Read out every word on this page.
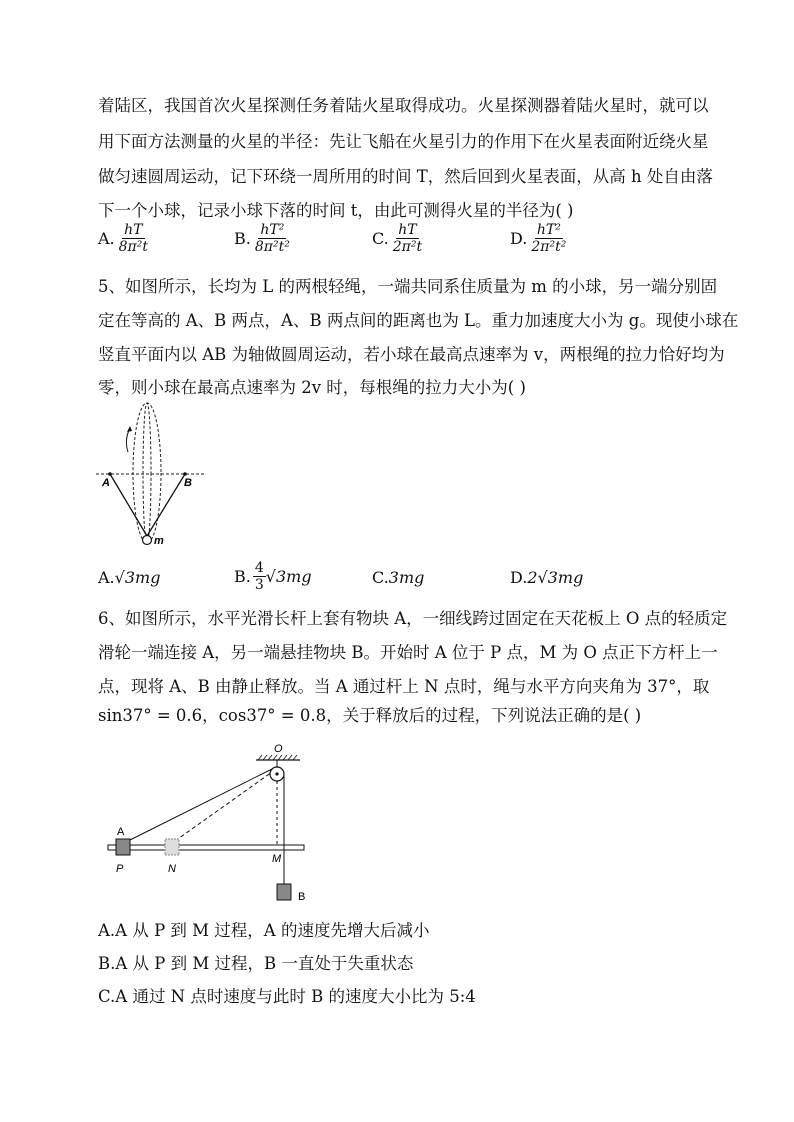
着陆区，我国首次火星探测任务着陆火星取得成功。火星探测器着陆火星时，就可以
用下面方法测量的火星的半径：先让飞船在火星引力的作用下在火星表面附近绕火星
做匀速圆周运动，记下环绕一周所用的时间 T，然后回到火星表面，从高 h 处自由落
下一个小球，记录小球下落的时间 t，由此可测得火星的半径为( )
A. $\frac{hT}{\text{8π²t}}$	B. $\frac{\text{hT²}}{\text{8π²t²}}$	C. $\frac{hT}{\text{2π²t}}$	D. $\frac{\text{hT²}}{\text{2π²t²}}$
5、如图所示，长均为 L 的两根轻绳，一端共同系住质量为 m 的小球，另一端分别固
定在等高的 A、B 两点，A、B 两点间的距离也为 L。重力加速度大小为 g。现使小球在
竖直平面内以 AB 为轴做圆周运动，若小球在最高点速率为 v，两根绳的拉力恰好均为
零，则小球在最高点速率为 2v 时，每根绳的拉力大小为( )
A	B
m
A. √3mg	B. $\frac{4}{3} √3mg$	C. 3mg	D. 2√3mg
6、如图所示，水平光滑长杆上套有物块 A，一细线跨过固定在天花板上 O 点的轻质定
滑轮一端连接 A，另一端悬挂物块 B。开始时 A 位于 P 点，M 为 O 点正下方杆上一
点，现将 A、B 由静止释放。当 A 通过杆上 N 点时，绳与水平方向夹角为 37°，取
sin37° = 0.6，cos37° = 0.8，关于释放后的过程，下列说法正确的是( )
O
A
P	N
M
B
A.A 从 P 到 M 过程，A 的速度先增大后减小
B.A 从 P 到 M 过程，B 一直处于失重状态
C.A 通过 N 点时速度与此时 B 的速度大小比为 5:4
